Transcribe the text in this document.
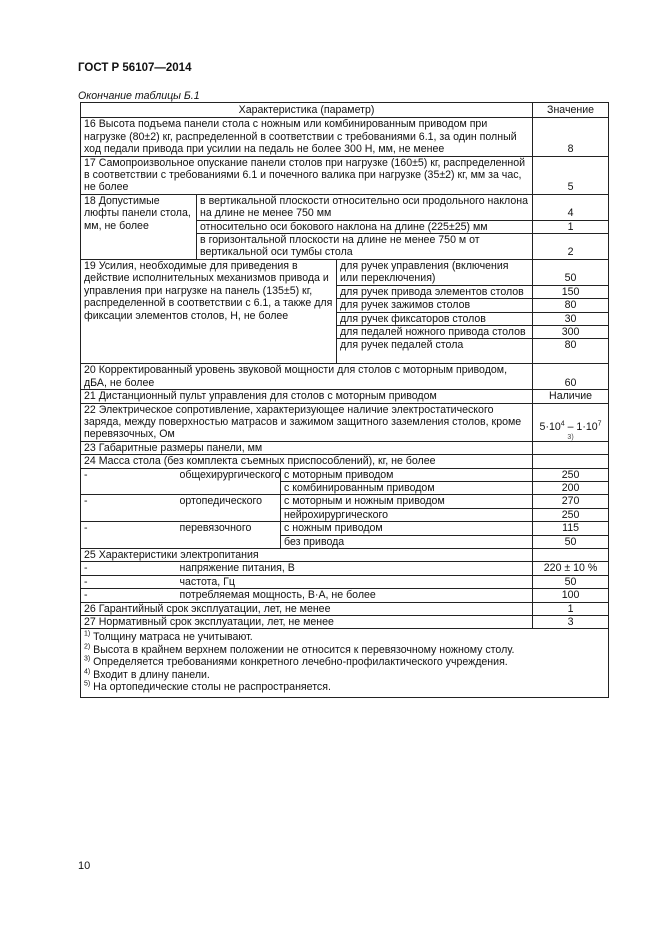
ГОСТ Р 56107—2014
Окончание таблицы Б.1
Характеристика (параметр)					Значение
16 Высота подъема панели стола с ножным или комбинированным приводом при нагрузке (80±2) кг, распределенной в соответствии с требованиями 6.1, за один полный ход педали привода при усилии на педаль не более 300 Н, мм, не менее					8
17 Самопроизвольное опускание панели столов при нагрузке (160±5) кг, распределенной в соответствии с требованиями 6.1 и почечного валика при нагрузке (35±2) кг, мм за час, не более					5
18 Допустимые люфты панели стола, мм, не более		в вертикальной плоскости относительно оси продольного наклона на длине не менее 750 мм			4
		относительно оси бокового наклона на длине (225±25) мм			1
		в горизонтальной плоскости на длине не менее 750 м от вертикальной оси тумбы стола			2
19 Усилия, необходимые для приведения в действие исполнительных механизмов привода и управления при нагрузке на панель (135±5) кг, распределенной в соответствии с 6.1, а также для фиксации элементов столов, Н, не более				для ручек управления (включения или переключения)	50
				для ручек привода элементов столов	150
				для ручек зажимов столов	80
				для ручек фиксаторов столов	30
				для педалей ножного привода столов	300
				для ручек педалей стола	80
20 Корректированный уровень звуковой мощности для столов с моторным приводом, дБА, не более					60
21 Дистанционный пульт управления для столов с моторным приводом					Наличие
22 Электрическое сопротивление, характеризующее наличие электростатического заряда, между поверхностью матрасов и зажимом защитного заземления столов, кроме перевязочных, Ом					$5\cdot 10^4 - 1\cdot 10^7$
3)

23 Габаритные размеры панели, мм					
24 Масса стола (без комплекта съемных приспособлений), кг, не более					
-	общехирургического		с моторным приводом		250
			с комбинированным приводом		200
-	ортопедического		с моторным и ножным приводом		270
			нейрохирургического		250
-	перевязочного		с ножным приводом		115
			без привода		50
25 Характеристики электропитания					
-	напряжение питания, В				220 ± 10 %
-	частота, Гц				50
-	потребляемая мощность, В·А, не более				100
26 Гарантийный срок эксплуатации, лет, не менее					1
27 Нормативный срок эксплуатации, лет, не менее					3

$^{1)}$ Толщину матраса не учитывают.
$^{2)}$ Высота в крайнем верхнем положении не относится к перевязочному ножному столу.
$^{3)}$ Определяется требованиями конкретного лечебно-профилактического учреждения.
$^{4)}$ Входит в длину панели.
$^{5)}$ На ортопедические столы не распространяется.					
10
